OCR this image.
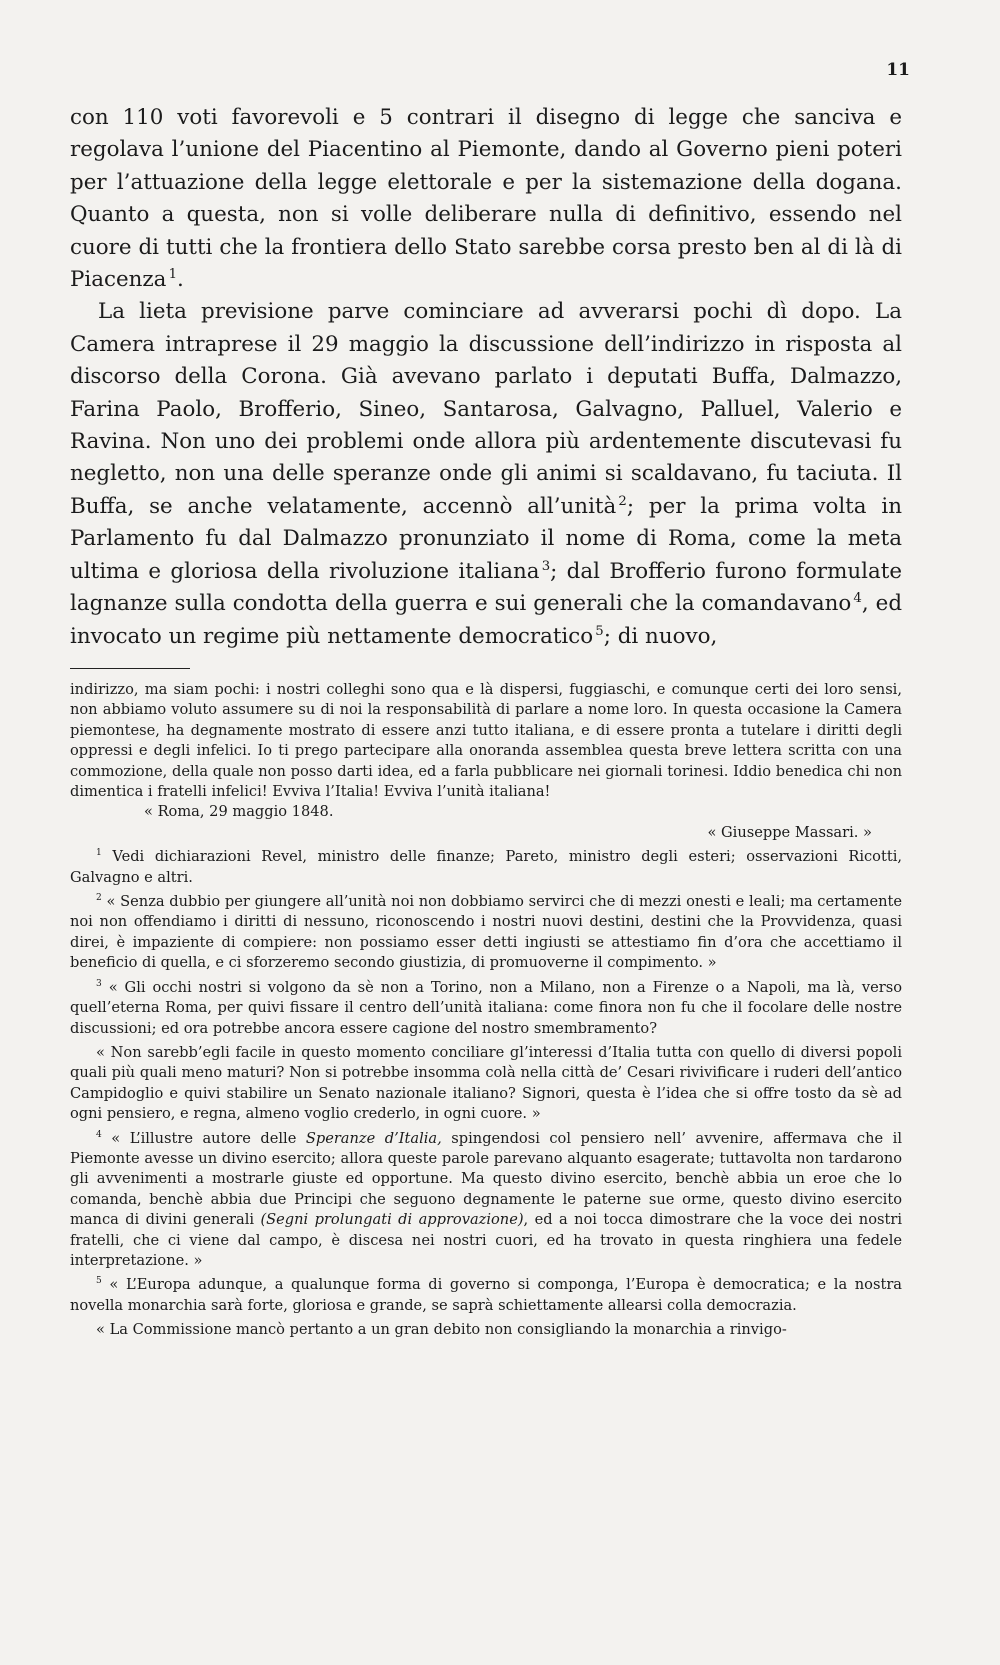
11

con 110 voti favorevoli e 5 contrari il disegno di legge che sanciva e regolava l’unione del Piacentino al Piemonte, dando al Governo pieni poteri per l’attuazione della legge elettorale e per la sistemazione della dogana. Quanto a questa, non si volle deliberare nulla di definitivo, essendo nel cuore di tutti che la frontiera dello Stato sarebbe corsa presto ben al di là di Piacenza  $^1$.

La lieta previsione parve cominciare ad avverarsi pochi dì dopo. La Camera intraprese il 29 maggio la discussione dell’indirizzo in risposta al discorso della Corona. Già avevano parlato i deputati Buffa, Dalmazzo, Farina Paolo, Brofferio, Sineo, Santarosa, Galvagno, Palluel, Valerio e Ravina. Non uno dei problemi onde allora più ardentemente discutevasi fu negletto, non una delle speranze onde gli animi si scaldavano, fu taciuta. Il Buffa, se anche velatamente, accennò all’unità  $^2$; per la prima volta in Parlamento fu dal Dalmazzo pronunziato il nome di Roma, come la meta ultima e gloriosa della rivoluzione italiana  $^3$; dal Brofferio furono formulate lagnanze sulla condotta della guerra e sui generali che la comandavano  $^4$, ed invocato un regime più nettamente democratico  $^5$; di nuovo,

indirizzo, ma siam pochi: i nostri colleghi sono qua e là dispersi, fuggiaschi, e comunque certi dei loro sensi, non abbiamo voluto assumere su di noi la responsabilità di parlare a nome loro. In questa occasione la Camera piemontese, ha degnamente mostrato di essere anzi tutto italiana, e di essere pronta a tutelare i diritti degli oppressi e degli infelici. Io ti prego partecipare alla onoranda assemblea questa breve lettera scritta con una commozione, della quale non posso darti idea, ed a farla pubblicare nei giornali torinesi. Iddio benedica chi non dimentica i fratelli infelici! Evviva l’Italia! Evviva l’unità italiana!

« Roma, 29 maggio 1848.

« Giuseppe Massari. »

$^1$ Vedi dichiarazioni Revel, ministro delle finanze; Pareto, ministro degli esteri; osservazioni Ricotti, Galvagno e altri.

$^2$ « Senza dubbio per giungere all’unità noi non dobbiamo servirci che di mezzi onesti e leali; ma certamente noi non offendiamo i diritti di nessuno, riconoscendo i nostri nuovi destini, destini che la Provvidenza, quasi direi, è impaziente di compiere: non possiamo esser detti ingiusti se attestiamo fin d’ora che accettiamo il beneficio di quella, e ci sforzeremo secondo giustizia, di promuoverne il compimento. »

$^3$ « Gli occhi nostri si volgono da sè non a Torino, non a Milano, non a Firenze o a Napoli, ma là, verso quell’eterna Roma, per quivi fissare il centro dell’unità italiana: come finora non fu che il focolare delle nostre discussioni; ed ora potrebbe ancora essere cagione del nostro smembramento?

« Non sarebb’egli facile in questo momento conciliare gl’interessi d’Italia tutta con quello di diversi popoli quali più quali meno maturi? Non si potrebbe insomma colà nella città de’ Cesari rivivificare i ruderi dell’antico Campidoglio e quivi stabilire un Senato nazionale italiano? Signori, questa è l’idea che si offre tosto da sè ad ogni pensiero, e regna, almeno voglio crederlo, in ogni cuore. »

$^4$ « L’illustre autore delle Speranze d’Italia, spingendosi col pensiero nell’ avvenire, affermava che il Piemonte avesse un divino esercito; allora queste parole parevano alquanto esagerate; tuttavolta non tardarono gli avvenimenti a mostrarle giuste ed opportune. Ma questo divino esercito, benchè abbia un eroe che lo comanda, benchè abbia due Principi che seguono degnamente le paterne sue orme, questo divino esercito manca di divini generali (Segni prolungati di approvazione), ed a noi tocca dimostrare che la voce dei nostri fratelli, che ci viene dal campo, è discesa nei nostri cuori, ed ha trovato in questa ringhiera una fedele interpretazione. »

$^5$ « L’Europa adunque, a qualunque forma di governo si componga, l’Europa è democratica; e la nostra novella monarchia sarà forte, gloriosa e grande, se saprà schiettamente allearsi colla democrazia.

« La Commissione mancò pertanto a un gran debito non consigliando la monarchia a rinvigo-
